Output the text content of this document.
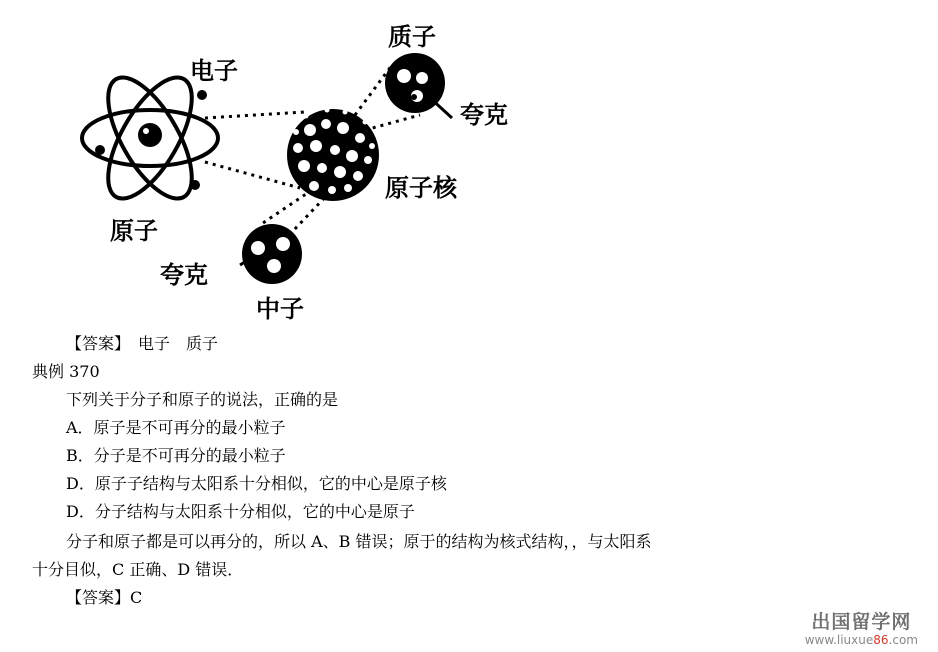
电子
质子
夸克
原子核
原子
夸克
中子
【答案】　电子　质子
典例 370
下列关于分子和原子的说法，正确的是
A．原子是不可再分的最小粒子
B．分子是不可再分的最小粒子
D．原子子结构与太阳系十分相似，它的中心是原子核
D．分子结构与太阳系十分相似，它的中心是原子
分子和原子都是可以再分的，所以 A、B 错误；原于的结构为核式结构，，与太阳系
十分目似，C 正确、D 错误．
【答案】C
出国留学网
www.liuxue86.com
